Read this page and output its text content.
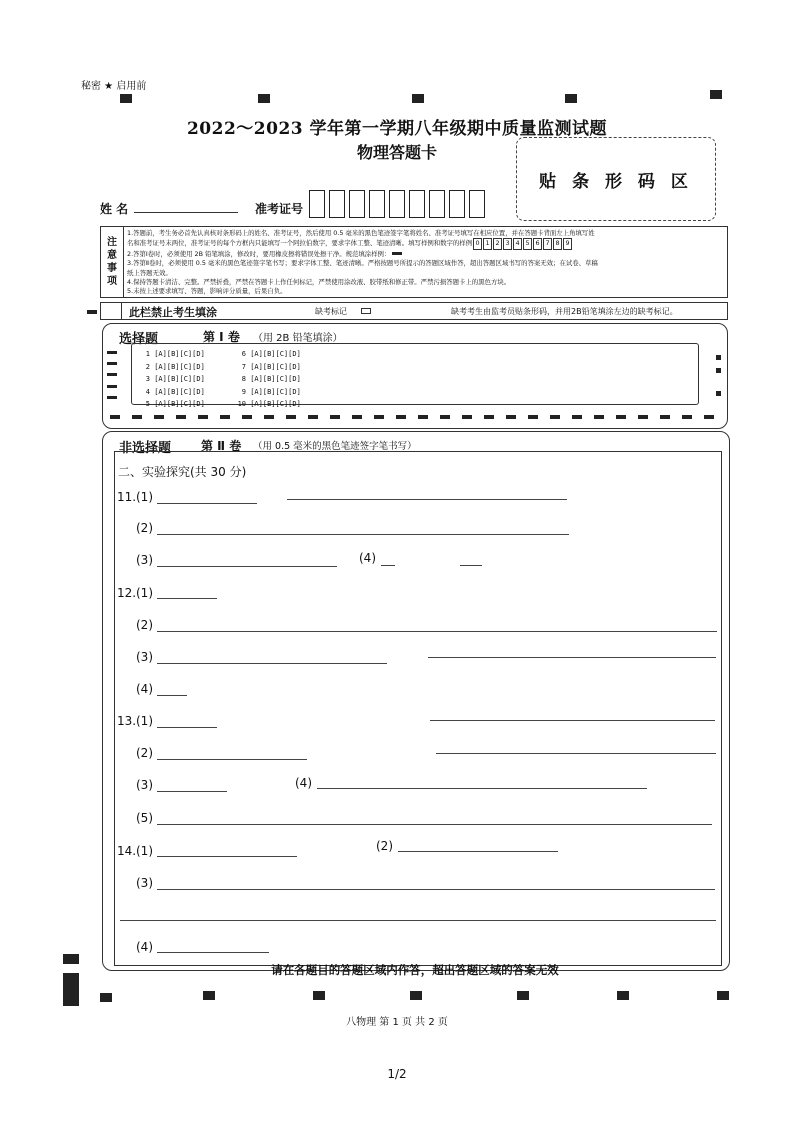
秘密 ★ 启用前
2022～2023 学年第一学期八年级期中质量监测试题
物理答题卡
贴 条 形 码 区
姓 名	准考证号
注
意
事
项
1.答题前，考生务必首先认真核对条形码上的姓名、准考证号，然后使用 0.5 毫米的黑色笔迹签字笔将姓名、准考证号填写在相应位置，并在答题卡背面左上角填写姓
名和准考证号末两位，准考证号的每个方框内只能填写一个阿拉伯数字，要求字体工整、笔迹清晰。填写样例和数字的样例 0 1 2 3 4 5 6 7 8 9
2.答第Ⅰ卷时，必须使用 2B 铅笔填涂，修改时，要用橡皮擦将错误处擦干净。规范填涂样例：
3.答第Ⅱ卷时，必须使用 0.5 毫米的黑色笔迹签字笔书写；要求字体工整、笔迹清晰。严格按题号所提示的答题区域作答，超出答题区域书写的答案无效；在试卷、草稿
纸上答题无效。
4.保持答题卡清洁、完整。严禁折叠，严禁在答题卡上作任何标记，严禁使用涂改液、胶带纸和修正带。严禁污损答题卡上的黑色方块。
5.未按上述要求填写、答题，影响评分质量，后果自负。
此栏禁止考生填涂	缺考标记	缺考考生由监考员贴条形码，并用2B铅笔填涂左边的缺考标记。
选择题	第 Ⅰ 卷 （用 2B 铅笔填涂）
1 [A][B][C][D]
2 [A][B][C][D]
3 [A][B][C][D]
4 [A][B][C][D]
5 [A][B][C][D]
6 [A][B][C][D]
7 [A][B][C][D]
8 [A][B][C][D]
9 [A][B][C][D]
10 [A][B][C][D]
非选择题 第 Ⅱ 卷 （用 0.5 毫米的黑色笔迹签字笔书写）
二、实验探究(共 30 分)
11. (1)
(2)
(3)	(4)
12. (1)
(2)
(3)
(4)
13. (1)
(2)
(3)	(4)
(5)
14. (1)	(2)
(3)
(4)
请在各题目的答题区域内作答，超出答题区域的答案无效
八物理 第 1 页 共 2 页
1/2
